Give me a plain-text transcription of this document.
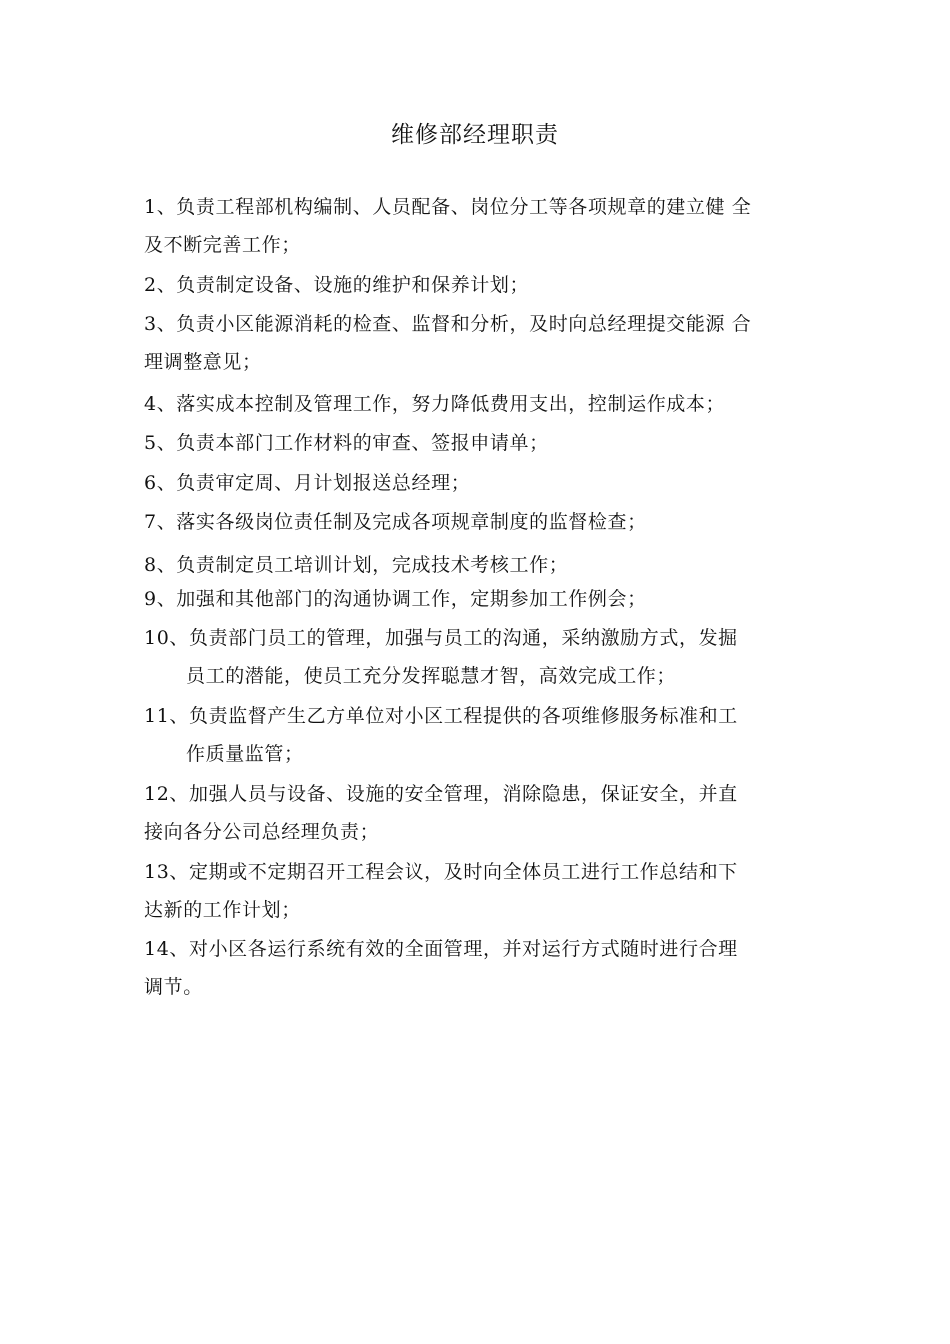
维修部经理职责
1、负责工程部机构编制、人员配备、岗位分工等各项规章的建立健 全
及不断完善工作；
2、负责制定设备、设施的维护和保养计划；
3、负责小区能源消耗的检查、监督和分析，及时向总经理提交能源 合
理调整意见；
4、落实成本控制及管理工作，努力降低费用支出，控制运作成本；
5、负责本部门工作材料的审查、签报申请单；
6、负责审定周、月计划报送总经理；
7、落实各级岗位责任制及完成各项规章制度的监督检查；
8、负责制定员工培训计划，完成技术考核工作；
9、加强和其他部门的沟通协调工作，定期参加工作例会；
10、负责部门员工的管理，加强与员工的沟通，采纳激励方式，发掘
员工的潜能，使员工充分发挥聪慧才智，高效完成工作；
11、负责监督产生乙方单位对小区工程提供的各项维修服务标准和工
作质量监管；
12、加强人员与设备、设施的安全管理，消除隐患，保证安全，并直
接向各分公司总经理负责；
13、定期或不定期召开工程会议，及时向全体员工进行工作总结和下
达新的工作计划；
14、对小区各运行系统有效的全面管理，并对运行方式随时进行合理
调节。
